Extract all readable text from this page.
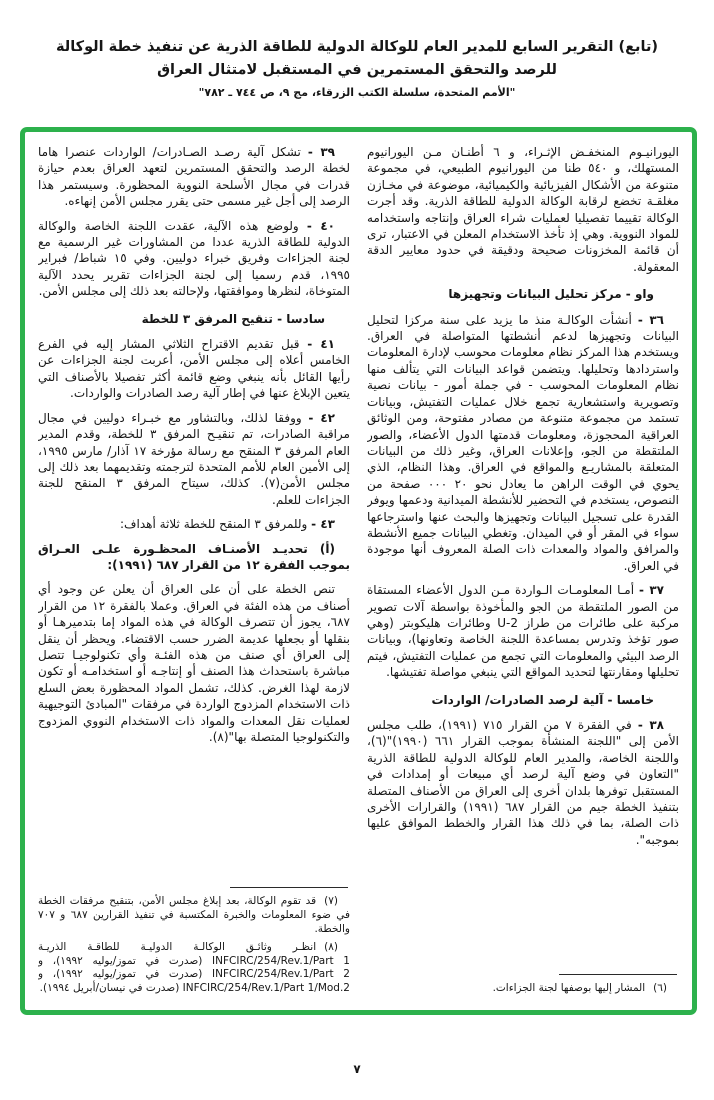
(تابع) التقرير السابع للمدير العام للوكالة الدولية للطاقة الذرية عن تنفيذ خطة الوكالة
للرصد والتحقق المستمرين في المستقبل لامتثال العراق
"الأمم المتحدة، سلسلة الكتب الزرقاء، مج ٩، ص ٧٤٤ ـ ٧٨٢"

اليورانيـوم المنخفـض الإثـراء، و ٦ أطنـان مـن اليورانيوم المستهلك، و ٥٤٠ طنا من اليورانيوم الطبيعي، في مجموعة متنوعة من الأشكال الفيزيائية والكيميائية، موضوعة في مخـازن مغلقـة تخضع لرقابة الوكالة الدولية للطاقة الذرية. وقد أجرت الوكالة تقييما تفصيليا لعمليات شراء العراق وإنتاجه واستخدامه للمواد النووية. وهي إذ تأخذ الاستخدام المعلن في الاعتبار، ترى أن قائمة المخزونات صحيحة ودقيقة في حدود معايير الدقة المعقولة.

واو - مركز تحليل البيانات وتجهيزها

٣٦ - أنشأت الوكالـة منذ ما يزيد على سنة مركزا لتحليل البيانات وتجهيزها لدعم أنشطتها المتواصلة في العراق. ويستخدم هذا المركز نظام معلومات محوسب لإدارة المعلومات واستردادها وتحليلها. ويتضمن قواعد البيانات التي يتألف منها نظام المعلومات المحوسب - في جملة أمور - بيانات نصية وتصويرية واستشعارية تجمع خلال عمليات التفتيش، وبيانات تستمد من مجموعة متنوعة من مصادر مفتوحة، ومن الوثائق العراقية المحجوزة، ومعلومات قدمتها الدول الأعضاء، والصور الملتقطة من الجو، وإعلانات العراق، وغير ذلك من البيانات المتعلقة بالمشاريـع والمواقع في العراق. وهذا النظام، الذي يحوي في الوقت الراهن ما يعادل نحو ٢٠ ٠٠٠ صفحة من النصوص، يستخدم في التحضير للأنشطة الميدانية ودعمها ويوفر القدرة على تسجيل البيانات وتجهيزها والبحث عنها واسترجاعها سواء في المقر أو في الميدان. وتغطي البيانات جميع الأنشطة والمرافق والمواد والمعدات ذات الصلة المعروف أنها موجودة في العراق.

٣٧ - أمـا المعلومـات الـواردة مـن الدول الأعضاء المستقاة من الصور الملتقطة من الجو والمأخوذة بواسطة آلات تصوير مركبة على طائرات من طراز ‎U-2‎ وطائرات هليكوبتر (وهي صور تؤخذ وتدرس بمساعدة اللجنة الخاصة وتعاونها)، وبيانات الرصد البيئي والمعلومات التي تجمع من عمليات التفتيش، فيتم تحليلها ومقارنتها لتحديد المواقع التي ينبغي مواصلة تفتيشها.

خامسا - آلية لرصد الصادرات/ الواردات

٣٨ - في الفقرة ٧ من القرار ٧١٥ (١٩٩١)، طلب مجلس الأمن إلى "اللجنة المنشأة بموجب القرار ٦٦١ (١٩٩٠)"(٦)، واللجنة الخاصة، والمدير العام للوكالة الدولية للطاقة الذرية "التعاون في وضع آلية لرصد أي مبيعات أو إمدادات في المستقبل توفرها بلدان أخرى إلى العراق من الأصناف المتصلة بتنفيذ الخطة جيم من القرار ٦٨٧ (١٩٩١) والقرارات الأخرى ذات الصلة، بما في ذلك هذا القرار والخطط الموافق عليها بموجبه".

(٦)المشار إليها بوصفها لجنة الجزاءات.

٣٩ - تشكل آلية رصـد الصـادرات/ الواردات عنصرا هاما لخطة الرصد والتحقق المستمرين لتعهد العراق بعدم حيازة قدرات في مجال الأسلحة النووية المحظورة. وسيستمر هذا الرصد إلى أجل غير مسمى حتى يقرر مجلس الأمن إنهاءه.

٤٠ - ولوضع هذه الآلية، عقدت اللجنة الخاصة والوكالة الدولية للطاقة الذرية عددا من المشاورات غير الرسمية مع لجنة الجزاءات وفريق خبراء دوليين. وفي ١٥ شباط/ فبراير ١٩٩٥، قدم رسميا إلى لجنة الجزاءات تقرير يحدد الآلية المتوخاة، لنظرها وموافقتها، ولإحالته بعد ذلك إلى مجلس الأمن.

سادسا - تنقيح المرفق ٣ للخطة

٤١ - قبل تقديم الاقتراح الثلاثي المشار إليه في الفرع الخامس أعلاه إلى مجلس الأمن، أعربت لجنة الجزاءات عن رأيها القائل بأنه ينبغي وضع قائمة أكثر تفصيلا بالأصناف التي يتعين الإبلاغ عنها في إطار آلية رصد الصادرات والواردات.

٤٢ - ووفقا لذلك، وبالتشاور مع خبـراء دوليين في مجال مراقبة الصادرات، تم تنقيـح المرفق ٣ للخطة، وقدم المدير العام المرفق ٣ المنقح مع رسالة مؤرخة ١٧ آذار/ مارس ١٩٩٥، إلى الأمين العام للأمم المتحدة لترجمته وتقديمهما بعد ذلك إلى مجلس الأمن(٧). كذلك، سيتاح المرفق ٣ المنقح للجنة الجزاءات للعلم.

٤٣ - وللمرفق ٣ المنقح للخطة ثلاثة أهداف:

(أ) تحديـد الأصنـاف المحظـورة علـى العـراق بموجب الفقرة ١٢ من القرار ٦٨٧ (١٩٩١):

تنص الخطة على أن على العراق أن يعلن عن وجود أي أصناف من هذه الفئة في العراق. وعملا بالفقرة ١٢ من القرار ٦٨٧، يجوز أن تتصرف الوكالة في هذه المواد إما بتدميرهـا أو بنقلها أو بجعلها عديمة الضرر حسب الاقتضاء. ويحظر أن ينقل إلى العراق أي صنف من هذه الفئـة وأي تكنولوجيـا تتصل مباشرة باستحداث هذا الصنف أو إنتاجـه أو استخدامـه أو تكون لازمة لهذا الغرض. كذلك، تشمل المواد المحظورة بعض السلع ذات الاستخدام المزدوج الواردة في مرفقات "المبادئ التوجيهية لعمليات نقل المعدات والمواد ذات الاستخدام النووي المزدوج والتكنولوجيا المتصلة بها"(٨).

(٧)قد تقوم الوكالة، بعد إبلاغ مجلس الأمن، بتنقيح مرفقات الخطة في ضوء المعلومات والخبرة المكتسبة في تنفيذ القرارين ٦٨٧ و ٧٠٧ والخطة.

(٨)انظـر وثائـق الوكالـة الدوليـة للطاقـة الذريـة ‎INFCIRC/254/Rev.1/Part 1‎ (صدرت في تموز/يوليه ١٩٩٢)، و ‎INFCIRC/254/Rev.1/Part 2‎ (صدرت في تموز/يوليه ١٩٩٢)، و ‎INFCIRC/254/Rev.1/Part 1/Mod.2‎ (صدرت في نيسان/أبريل ١٩٩٤).

٧
